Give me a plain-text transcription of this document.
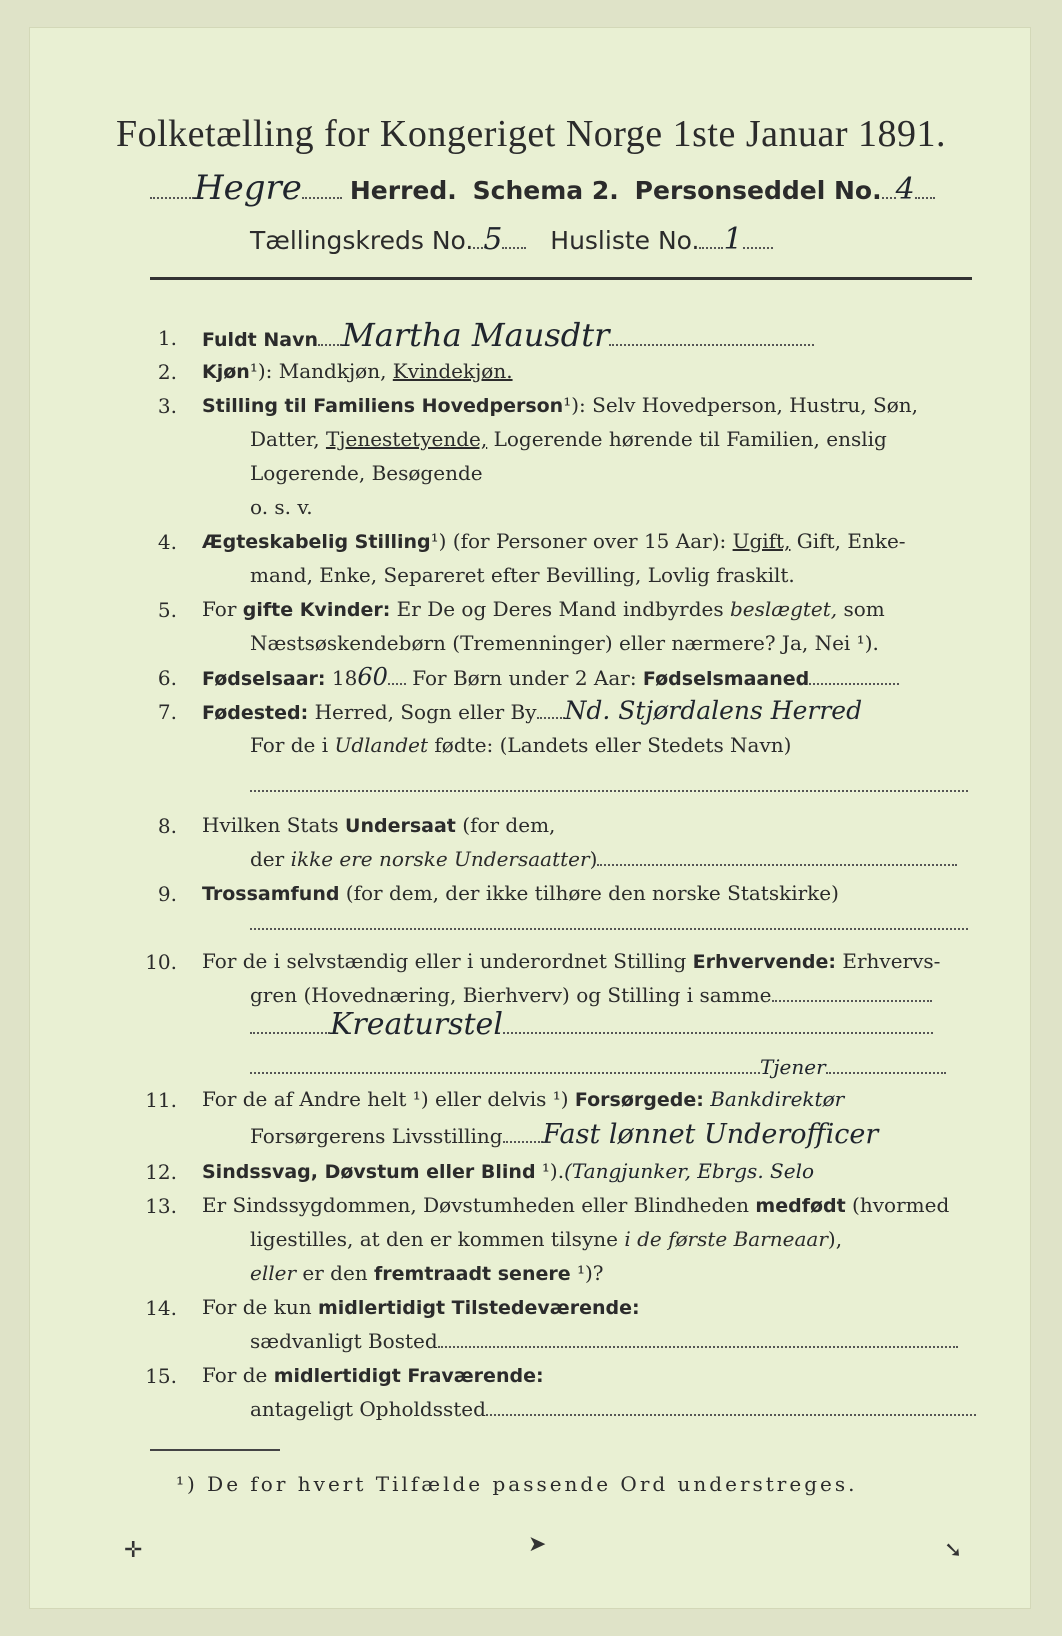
Folketælling for Kongeriget Norge 1ste Januar 1891.
Hegre Herred. Schema 2. Personseddel No. 4
Tællingskreds No. 5 Husliste No. 1
1. Fuldt Navn Martha Mausdtr
2. Kjøn¹): Mandkjøn, Kvindekjøn.
3. Stilling til Familiens Hovedperson¹): Selv Hovedperson, Hustru, Søn,
Datter, Tjenestetyende, Logerende hørende til Familien, enslig
Logerende, Besøgende
o. s. v.
4. Ægteskabelig Stilling¹) (for Personer over 15 Aar): Ugift, Gift, Enke-
mand, Enke, Separeret efter Bevilling, Lovlig fraskilt.
5. For gifte Kvinder: Er De og Deres Mand indbyrdes beslægtet, som
Næstsøskendebørn (Tremenninger) eller nærmere? Ja, Nei ¹).
6. Fødselsaar: 1860 For Børn under 2 Aar: Fødselsmaaned
7. Fødested: Herred, Sogn eller By Nd. Stjørdalens Herred
For de i Udlandet fødte: (Landets eller Stedets Navn)
8. Hvilken Stats Undersaat (for dem,
der ikke ere norske Undersaatter)
9. Trossamfund (for dem, der ikke tilhøre den norske Statskirke)
10. For de i selvstændig eller i underordnet Stilling Erhvervende: Erhvervs-
gren (Hovednæring, Bierhverv) og Stilling i samme
Kreaturstel
Tjener
11. For de af Andre helt ¹) eller delvis ¹) Forsørgede: Bankdirektør
Forsørgerens Livsstilling Fast lønnet Underofficer
12. Sindssvag, Døvstum eller Blind ¹).(Tangjunker, Ebrgs. Selo
13. Er Sindssygdommen, Døvstumheden eller Blindheden medfødt (hvormed
ligestilles, at den er kommen tilsyne i de første Barneaar),
eller er den fremtraadt senere ¹)?
14. For de kun midlertidigt Tilstedeværende:
sædvanligt Bosted
15. For de midlertidigt Fraværende:
antageligt Opholdssted
¹) De for hvert Tilfælde passende Ord understreges.
✛	➤	➘
